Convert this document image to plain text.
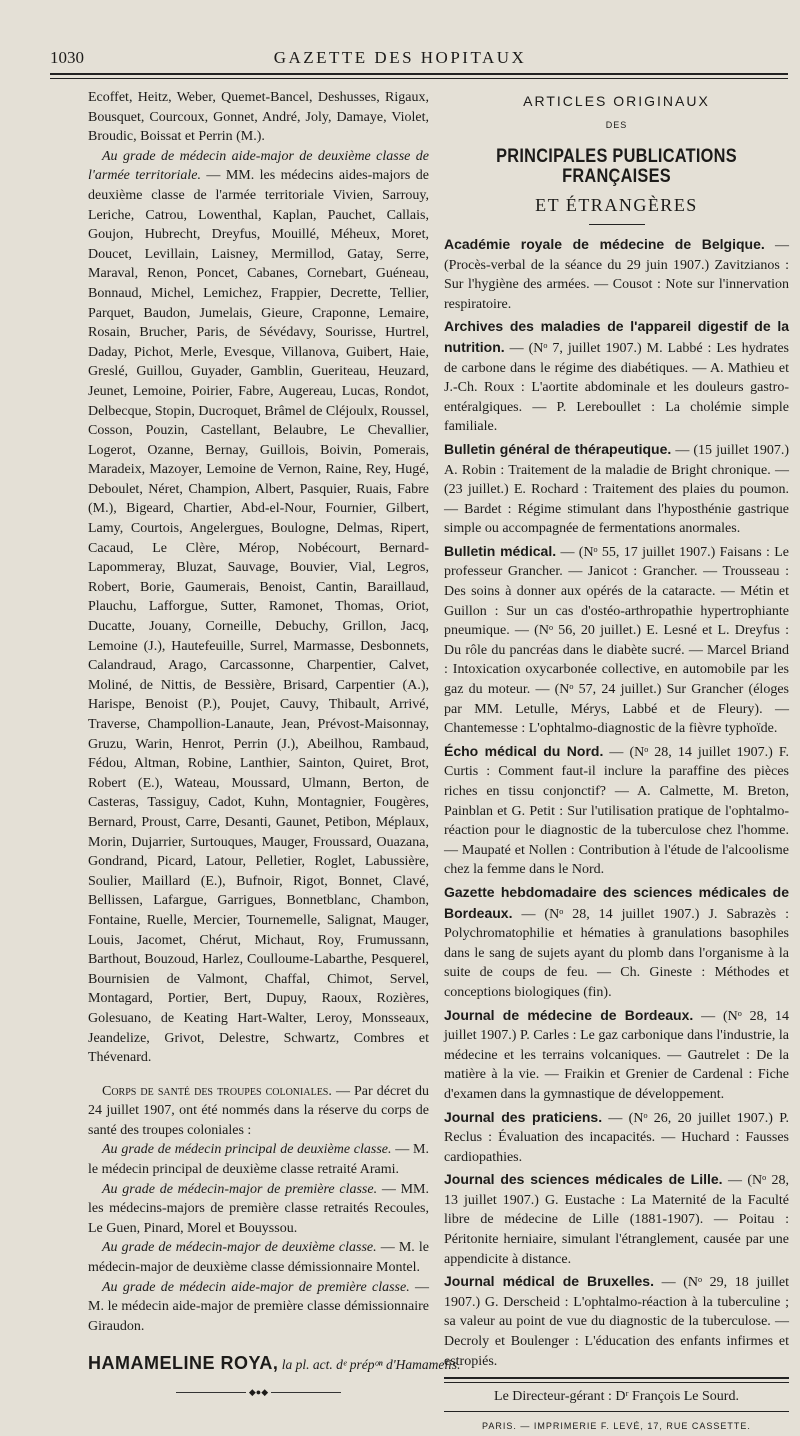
1030	GAZETTE DES HOPITAUX

Ecoffet, Heitz, Weber, Quemet-Bancel, Deshusses, Rigaux, Bousquet, Courcoux, Gonnet, André, Joly, Damaye, Violet, Broudic, Boissat et Perrin (M.).

Au grade de médecin aide-major de deuxième classe de l'armée territoriale. — MM. les médecins aides-majors de deuxième classe de l'armée territoriale Vivien, Sarrouy, Leriche, Catrou, Lowenthal, Kaplan, Pauchet, Callais, Goujon, Hubrecht, Dreyfus, Mouillé, Méheux, Moret, Doucet, Levillain, Laisney, Mermillod, Gatay, Serre, Maraval, Renon, Poncet, Cabanes, Cornebart, Guéneau, Bonnaud, Michel, Lemichez, Frappier, Decrette, Tellier, Parquet, Baudon, Jumelais, Gieure, Craponne, Lemaire, Rosain, Brucher, Paris, de Sévédavy, Sourisse, Hurtrel, Daday, Pichot, Merle, Evesque, Villanova, Guibert, Haie, Greslé, Guillou, Guyader, Gamblin, Gueriteau, Heuzard, Jeunet, Lemoine, Poirier, Fabre, Augereau, Lucas, Rondot, Delbecque, Stopin, Ducroquet, Brâmel de Cléjoulx, Roussel, Cosson, Pouzin, Castellant, Belaubre, Le Chevallier, Logerot, Ozanne, Bernay, Guillois, Boivin, Pomerais, Maradeix, Mazoyer, Lemoine de Vernon, Raine, Rey, Hugé, Deboulet, Néret, Champion, Albert, Pasquier, Ruais, Fabre (M.), Bigeard, Chartier, Abd-el-Nour, Fournier, Gilbert, Lamy, Courtois, Angelergues, Boulogne, Delmas, Ripert, Cacaud, Le Clère, Mérop, Nobécourt, Bernard-Lapommeray, Bluzat, Sauvage, Bouvier, Vial, Legros, Robert, Borie, Gaumerais, Benoist, Cantin, Baraillaud, Plauchu, Lafforgue, Sutter, Ramonet, Thomas, Oriot, Ducatte, Jouany, Corneille, Debuchy, Grillon, Jacq, Lemoine (J.), Hautefeuille, Surrel, Marmasse, Desbonnets, Calandraud, Arago, Carcassonne, Charpentier, Calvet, Moliné, de Nittis, de Bessière, Brisard, Carpentier (A.), Harispe, Benoist (P.), Poujet, Cauvy, Thibault, Arrivé, Traverse, Champollion-Lanaute, Jean, Prévost-Maisonnay, Gruzu, Warin, Henrot, Perrin (J.), Abeilhou, Rambaud, Fédou, Altman, Robine, Lanthier, Sainton, Quiret, Brot, Robert (E.), Wateau, Moussard, Ulmann, Berton, de Casteras, Tassiguy, Cadot, Kuhn, Montagnier, Fougères, Bernard, Proust, Carre, Desanti, Gaunet, Petibon, Méplaux, Morin, Dujarrier, Surtouques, Mauger, Froussard, Ouazana, Gondrand, Picard, Latour, Pelletier, Roglet, Labussière, Soulier, Maillard (E.), Bufnoir, Rigot, Bonnet, Clavé, Bellissen, Lafargue, Garrigues, Bonnetblanc, Chambon, Fontaine, Ruelle, Mercier, Tournemelle, Salignat, Mauger, Louis, Jacomet, Chérut, Michaut, Roy, Frumussann, Barthout, Bouzoud, Harlez, Coulloume-Labarthe, Pesquerel, Bournisien de Valmont, Chaffal, Chimot, Servel, Montagard, Portier, Bert, Dupuy, Raoux, Rozières, Golesuano, de Keating Hart-Walter, Leroy, Monsseaux, Jeandelize, Grivot, Delestre, Schwartz, Combres et Thévenard.

Corps de santé des troupes coloniales. — Par décret du 24 juillet 1907, ont été nommés dans la réserve du corps de santé des troupes coloniales :

Au grade de médecin principal de deuxième classe. — M. le médecin principal de deuxième classe retraité Arami.

Au grade de médecin-major de première classe. — MM. les médecins-majors de première classe retraités Recoules, Le Guen, Pinard, Morel et Bouyssou.

Au grade de médecin-major de deuxième classe. — M. le médecin-major de deuxième classe démissionnaire Montel.

Au grade de médecin aide-major de première classe. — M. le médecin aide-major de première classe démissionnaire Giraudon.

HAMAMELINE ROYA, la pl. act. dᵉ prépᵒⁿ d'Hamamelis.
◆●◆
ARTICLES ORIGINAUX
DES
PRINCIPALES PUBLICATIONS FRANÇAISES
ET ÉTRANGÈRES

Académie royale de médecine de Belgique. — (Procès-verbal de la séance du 29 juin 1907.) Zavitzianos : Sur l'hygiène des armées. — Cousot : Note sur l'innervation respiratoire.

Archives des maladies de l'appareil digestif de la nutrition. — (Nᵒ 7, juillet 1907.) M. Labbé : Les hydrates de carbone dans le régime des diabétiques. — A. Mathieu et J.-Ch. Roux : L'aortite abdominale et les douleurs gastro-entéralgiques. — P. Lereboullet : La cholémie simple familiale.

Bulletin général de thérapeutique. — (15 juillet 1907.) A. Robin : Traitement de la maladie de Bright chronique. — (23 juillet.) E. Rochard : Traitement des plaies du poumon. — Bardet : Régime stimulant dans l'hyposthénie gastrique simple ou accompagnée de fermentations anormales.

Bulletin médical. — (Nᵒ 55, 17 juillet 1907.) Faisans : Le professeur Grancher. — Janicot : Grancher. — Trousseau : Des soins à donner aux opérés de la cataracte. — Métin et Guillon : Sur un cas d'ostéo-arthropathie hypertrophiante pneumique. — (Nᵒ 56, 20 juillet.) E. Lesné et L. Dreyfus : Du rôle du pancréas dans le diabète sucré. — Marcel Briand : Intoxication oxycarbonée collective, en automobile par les gaz du moteur. — (Nᵒ 57, 24 juillet.) Sur Grancher (éloges par MM. Letulle, Mérys, Labbé et de Fleury). — Chantemesse : L'ophtalmo-diagnostic de la fièvre typhoïde.

Écho médical du Nord. — (Nᵒ 28, 14 juillet 1907.) F. Curtis : Comment faut-il inclure la paraffine des pièces riches en tissu conjonctif? — A. Calmette, M. Breton, Painblan et G. Petit : Sur l'utilisation pratique de l'ophtalmo-réaction pour le diagnostic de la tuberculose chez l'homme. — Maupaté et Nollen : Contribution à l'étude de l'alcoolisme chez la femme dans le Nord.

Gazette hebdomadaire des sciences médicales de Bordeaux. — (Nᵒ 28, 14 juillet 1907.) J. Sabrazès : Polychromatophilie et hématies à granulations basophiles dans le sang de sujets ayant du plomb dans l'organisme à la suite de coups de feu. — Ch. Gineste : Méthodes et conceptions biologiques (fin).

Journal de médecine de Bordeaux. — (Nᵒ 28, 14 juillet 1907.) P. Carles : Le gaz carbonique dans l'industrie, la médecine et les terrains volcaniques. — Gautrelet : De la matière à la vie. — Fraikin et Grenier de Cardenal : Fiche d'examen dans la gymnastique de développement.

Journal des praticiens. — (Nᵒ 26, 20 juillet 1907.) P. Reclus : Évaluation des incapacités. — Huchard : Fausses cardiopathies.

Journal des sciences médicales de Lille. — (Nᵒ 28, 13 juillet 1907.) G. Eustache : La Maternité de la Faculté libre de médecine de Lille (1881-1907). — Poitau : Péritonite herniaire, simulant l'étranglement, causée par une appendicite à distance.

Journal médical de Bruxelles. — (Nᵒ 29, 18 juillet 1907.) G. Derscheid : L'ophtalmo-réaction à la tuberculine ; sa valeur au point de vue du diagnostic de la tuberculose. — Decroly et Boulenger : L'éducation des enfants infirmes et estropiés.

Le Directeur-gérant : Dʳ François Le Sourd.
PARIS. — IMPRIMERIE F. LEVÉ, 17, RUE CASSETTE.
